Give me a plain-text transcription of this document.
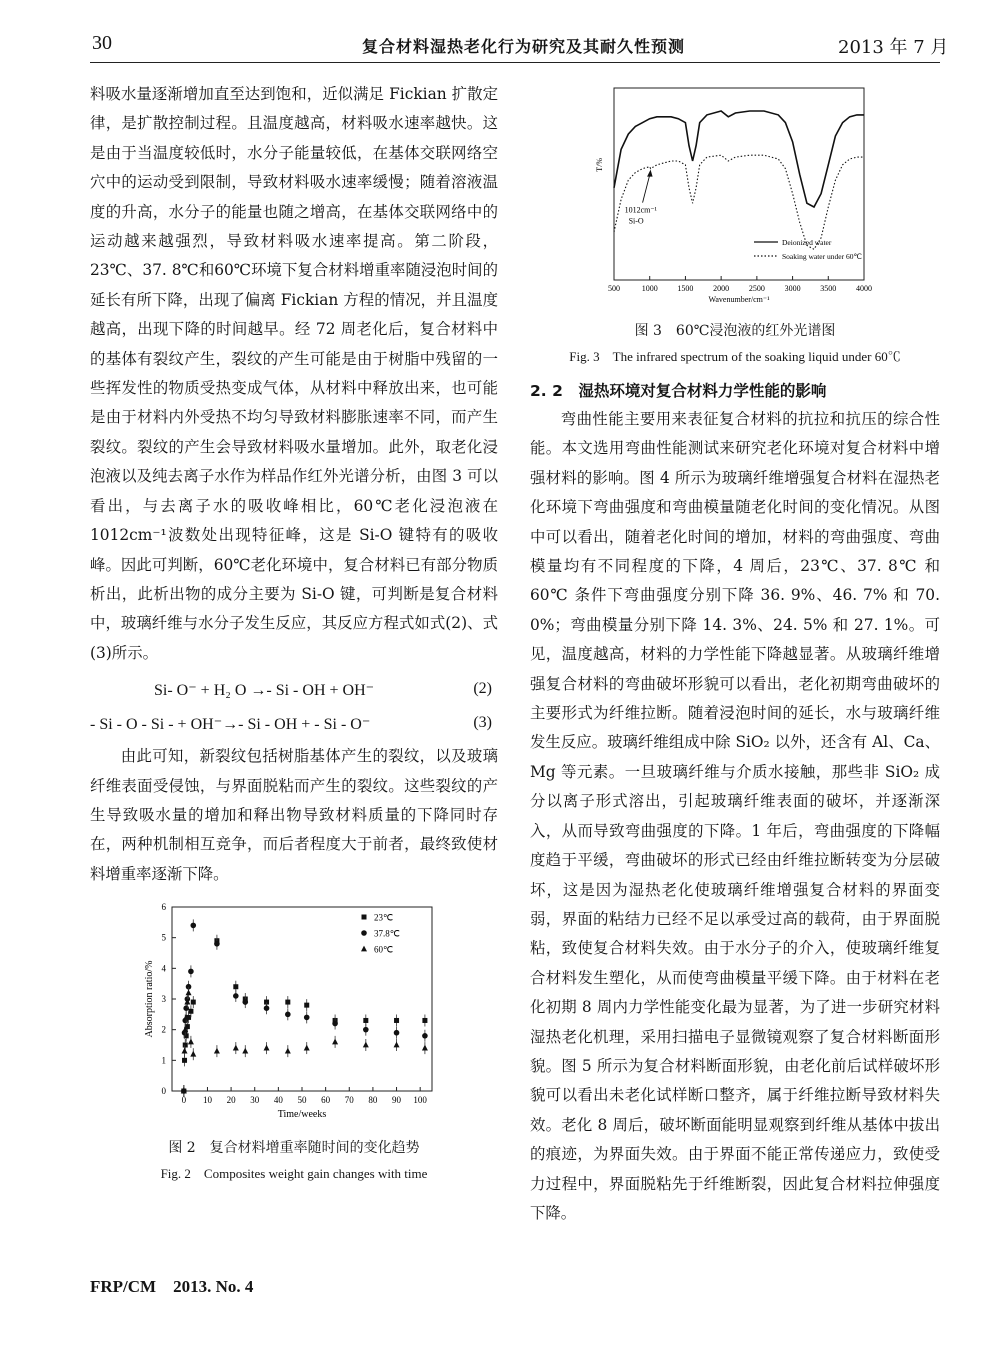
30	复合材料湿热老化行为研究及其耐久性预测	2013 年 7 月

料吸水量逐渐增加直至达到饱和，近似满足 Fickian 扩散定律，是扩散控制过程。且温度越高，材料吸水速率越快。这是由于当温度较低时，水分子能量较低，在基体交联网络空穴中的运动受到限制，导致材料吸水速率缓慢；随着溶液温度的升高，水分子的能量也随之增高，在基体交联网络中的运动越来越强烈，导致材料吸水速率提高。第二阶段，23℃、37. 8℃和60℃环境下复合材料增重率随浸泡时间的延长有所下降，出现了偏离 Fickian 方程的情况，并且温度越高，出现下降的时间越早。经 72 周老化后，复合材料中的基体有裂纹产生，裂纹的产生可能是由于树脂中残留的一些挥发性的物质受热变成气体，从材料中释放出来，也可能是由于材料内外受热不均匀导致材料膨胀速率不同，而产生裂纹。裂纹的产生会导致材料吸水量增加。此外，取老化浸泡液以及纯去离子水作为样品作红外光谱分析，由图 3 可以看出，与去离子水的吸收峰相比，60℃老化浸泡液在 1012cm⁻¹波数处出现特征峰，这是 Si-O 键特有的吸收峰。因此可判断，60℃老化环境中，复合材料已有部分物质析出，此析出物的成分主要为 Si-O 键，可判断是复合材料中，玻璃纤维与水分子发生反应，其反应方程式如式(2)、式(3)所示。

Si- O⁻ + H₂ O →- Si - OH + OH⁻	(2)
- Si - O - Si - + OH⁻→- Si - OH + - Si - O⁻	(3)

由此可知，新裂纹包括树脂基体产生的裂纹，以及玻璃纤维表面受侵蚀，与界面脱粘而产生的裂纹。这些裂纹的产生导致吸水量的增加和释出物导致材料质量的下降同时存在，两种机制相互竞争，而后者程度大于前者，最终致使材料增重率逐渐下降。

0 10 20 30 40 50 60 70 80 90 100
0
1
2
3
4
5
6
Time/weeks
Absorption ratio/%
23℃
37.8℃
60℃
图 2　复合材料增重率随时间的变化趋势
Fig. 2　Composites weight gain changes with time
500	1000 1500 2000 2500 3000 3500 4000
Wavenumber/cm⁻¹
T/%
Deionized water
Soaking water under 60℃
1012cm⁻¹
Si-O
图 3　60℃浸泡液的红外光谱图
Fig. 3　The infrared spectrum of the soaking liquid under 60℃
2. 2　湿热环境对复合材料力学性能的影响

弯曲性能主要用来表征复合材料的抗拉和抗压的综合性能。本文选用弯曲性能测试来研究老化环境对复合材料中增强材料的影响。图 4 所示为玻璃纤维增强复合材料在湿热老化环境下弯曲强度和弯曲模量随老化时间的变化情况。从图中可以看出，随着老化时间的增加，材料的弯曲强度、弯曲模量均有不同程度的下降，4 周后，23℃、37. 8℃ 和 60℃ 条件下弯曲强度分别下降 36. 9%、46. 7% 和 70. 0%；弯曲模量分别下降 14. 3%、24. 5% 和 27. 1%。可见，温度越高，材料的力学性能下降越显著。从玻璃纤维增强复合材料的弯曲破坏形貌可以看出，老化初期弯曲破坏的主要形式为纤维拉断。随着浸泡时间的延长，水与玻璃纤维发生反应。玻璃纤维组成中除 SiO₂ 以外，还含有 Al、Ca、Mg 等元素。一旦玻璃纤维与介质水接触，那些非 SiO₂ 成分以离子形式溶出，引起玻璃纤维表面的破坏，并逐渐深入，从而导致弯曲强度的下降。1 年后，弯曲强度的下降幅度趋于平缓，弯曲破坏的形式已经由纤维拉断转变为分层破坏，这是因为湿热老化使玻璃纤维增强复合材料的界面变弱，界面的粘结力已经不足以承受过高的载荷，由于界面脱粘，致使复合材料失效。由于水分子的介入，使玻璃纤维复合材料发生塑化，从而使弯曲模量平缓下降。由于材料在老化初期 8 周内力学性能变化最为显著，为了进一步研究材料湿热老化机理，采用扫描电子显微镜观察了复合材料断面形貌。图 5 所示为复合材料断面形貌，由老化前后试样破坏形貌可以看出未老化试样断口整齐，属于纤维拉断导致材料失效。老化 8 周后，破坏断面能明显观察到纤维从基体中拔出的痕迹，为界面失效。由于界面不能正常传递应力，致使受力过程中，界面脱粘先于纤维断裂，因此复合材料拉伸强度下降。

FRP/CM　2013. No. 4
